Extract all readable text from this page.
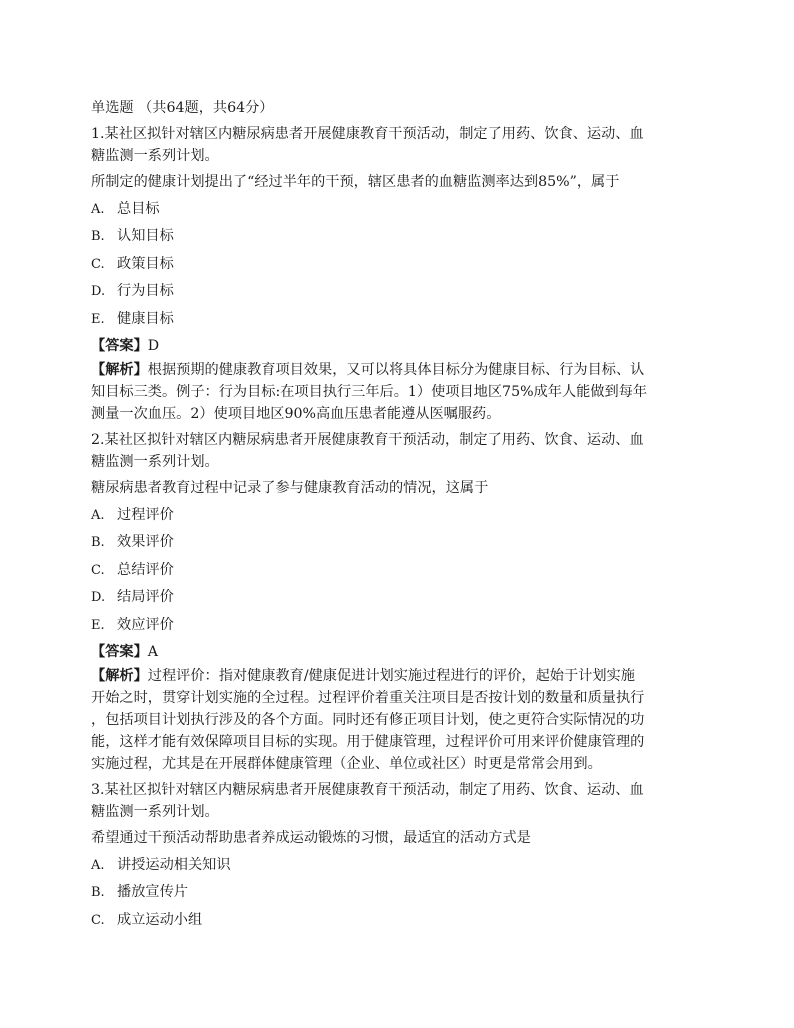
单选题 （共64题，共64分）
1.某社区拟针对辖区内糖尿病患者开展健康教育干预活动，制定了用药、饮食、运动、血
糖监测一系列计划。
所制定的健康计划提出了“经过半年的干预，辖区患者的血糖监测率达到85%”，属于
A. 总目标
B. 认知目标
C. 政策目标
D. 行为目标
E. 健康目标
【答案】D
【解析】根据预期的健康教育项目效果，又可以将具体目标分为健康目标、行为目标、认
知目标三类。例子：行为目标:在项目执行三年后。1）使项目地区75%成年人能做到每年
测量一次血压。2）使项目地区90%高血压患者能遵从医嘱服药。
2.某社区拟针对辖区内糖尿病患者开展健康教育干预活动，制定了用药、饮食、运动、血
糖监测一系列计划。
糖尿病患者教育过程中记录了参与健康教育活动的情况，这属于
A. 过程评价
B. 效果评价
C. 总结评价
D. 结局评价
E. 效应评价
【答案】A
【解析】过程评价：指对健康教育/健康促进计划实施过程进行的评价，起始于计划实施
开始之时，贯穿计划实施的全过程。过程评价着重关注项目是否按计划的数量和质量执行
，包括项目计划执行涉及的各个方面。同时还有修正项目计划，使之更符合实际情况的功
能，这样才能有效保障项目目标的实现。用于健康管理，过程评价可用来评价健康管理的
实施过程，尤其是在开展群体健康管理（企业、单位或社区）时更是常常会用到。
3.某社区拟针对辖区内糖尿病患者开展健康教育干预活动，制定了用药、饮食、运动、血
糖监测一系列计划。
希望通过干预活动帮助患者养成运动锻炼的习惯，最适宜的活动方式是
A. 讲授运动相关知识
B. 播放宣传片
C. 成立运动小组
